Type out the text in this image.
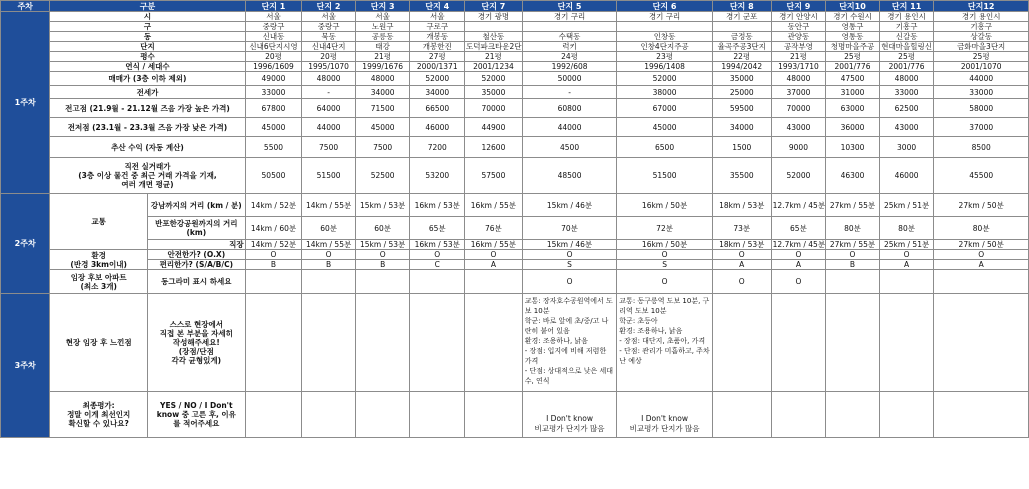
주차	구분		단지 1	단지 2	단지 3	단지 4	단지 7	단지 5	단지 6	단지 8	단지 9	단지10	단지 11	단지12
1주차	시		서울	서울	서울	서울	경기 광명	경기 구리	경기 구리	경기 군포	경기 안양시	경기 수원시	경기 용인시	경기 용인시
	구		중랑구	중랑구	노원구	구로구					동안구	영통구	기흥구	기흥구
	동		신내동	묵동	공릉동	개봉동	철산동	수택동	인창동	금정동	관양동	영통동	신갈동	상갈동
	단지		신내6단지시영	신내4단지	태강	개봉한진	도덕파크타운2단	럭키	인창4단지주공	율곡주공3단지	공작부영	청명마을주공	현대마을힐링신	금화마을3단지
	평수		20평	20평	21평	27평	21평	24평	23평	22평	21평	25평	25평	25평
	연식 / 세대수		1996/1609	1995/1070	1999/1676	2000/1371	2001/1234	1992/608	1996/1408	1994/2042	1993/1710	2001/776	2001/776	2001/1070
	매매가 (3층 이하 제외)		49000	48000	48000	52000	52000	50000	52000	35000	48000	47500	48000	44000
	전세가		33000	-	34000	34000	35000	-	38000	25000	37000	31000	33000	33000
	전고점 (21.9월 - 21.12월 즈음 가장 높은 가격)		67800	64000	71500	66500	70000	60800	67000	59500	70000	63000	62500	58000
	전저점 (23.1월 - 23.3월 즈음 가장 낮은 가격)		45000	44000	45000	46000	44900	44000	45000	34000	43000	36000	43000	37000
	추산 수익 (자동 계산)		5500	7500	7500	7200	12600	4500	6500	1500	9000	10300	3000	8500
	직전 실거래가
(3층 이상 물건 중 최근 거래 가격을 기재,
여러 개면 평균)		50500	51500	52500	53200	57500	48500	51500	35500	52000	46300	46000	45500
2주차	교통	강남까지의 거리 (km / 분)	14km / 52분	14km / 55분	15km / 53분	16km / 53분	16km / 55분	15km / 46분	16km / 50분	18km / 53분	12.7km / 45분	27km / 55분	25km / 51분	27km / 50분
		반포한강공원까지의 거리 (km)	14km / 60분	60분	60분	65분	76분	70분	72분	73분	65분	80분	80분	80분
		직장	14km / 52분	14km / 55분	15km / 53분	16km / 53분	16km / 55분	15km / 46분	16km / 50분	18km / 53분	12.7km / 45분	27km / 55분	25km / 51분	27km / 50분
	환경
(반경 3km이내)	안전한가? (O.X)	O	O	O	O	O	O	O	O	O	O	O	O
		편리한가? (S/A/B/C)	B	B	B	C	A	S	S	A	A	B	A	A
	임장 후보 아파트
(최소 3개)	동그라미 표시 하세요						O	O	O	O			
3주차	현장 임장 후 느낀점	스스로 현장에서
직접 본 부분을 자세히
작성해주세요!
(장점/단점
각각 균형있게)						교통: 장자호수공원역에서 도보 10분
학군: 바로 앞에 초/중/고 나란히 붙어 있음
환경: 조용하나, 낡음
- 장점: 입지에 비해 저렴한 가격
- 단점: 상대적으로 낮은 세대수, 연식	교통: 동구릉역 도보 10분, 구리역 도보 10분
학군: 초등아
환경: 조용하나, 낡음
- 장점: 대단지, 초품아, 가격
- 단점: 관리가 미흡하고, 주차난 예상					
	최종평가:
정말 이게 최선인지
확신할 수 있나요?	YES / NO / I Don't
know 중 고른 후, 이유
를 적어주세요						I Don't know
비교평가 단지가 많음	I Don't know
비교평가 단지가 많음					
